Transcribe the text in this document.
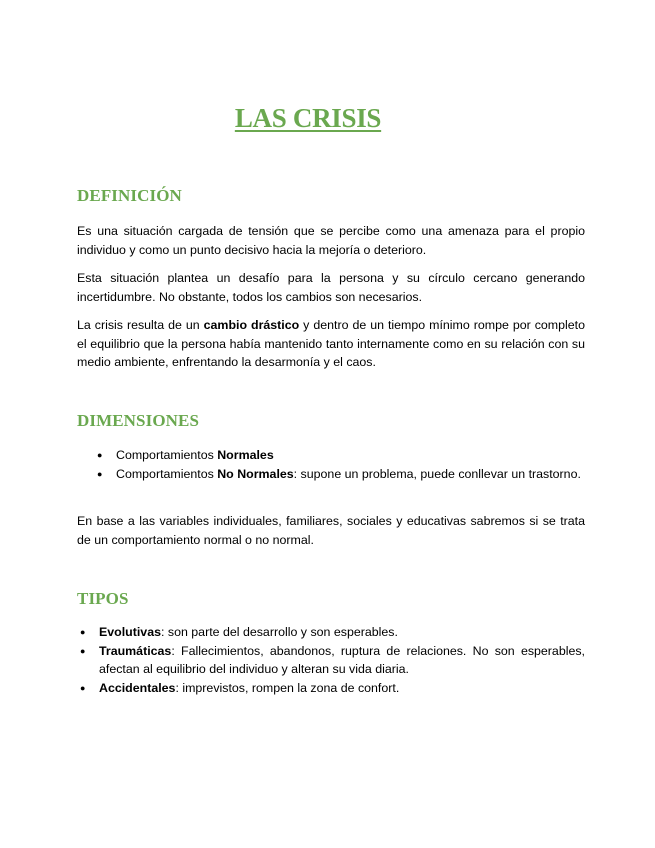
LAS CRISIS
DEFINICIÓN

Es una situación cargada de tensión que se percibe como una amenaza para el propio individuo y como un punto decisivo hacia la mejoría o deterioro.

Esta situación plantea un desafío para la persona y su círculo cercano generando incertidumbre. No obstante, todos los cambios son necesarios.

La crisis resulta de un cambio drástico y dentro de un tiempo mínimo rompe por completo el equilibrio que la persona había mantenido tanto internamente como en su relación con su medio ambiente, enfrentando la desarmonía y el caos.

DIMENSIONES
● Comportamientos Normales
● Comportamientos No Normales: supone un problema, puede conllevar un trastorno.

En base a las variables individuales, familiares, sociales y educativas sabremos si se trata de un comportamiento normal o no normal.

TIPOS
● Evolutivas: son parte del desarrollo y son esperables.
● Traumáticas: Fallecimientos, abandonos, ruptura de relaciones. No son esperables, afectan al equilibrio del individuo y alteran su vida diaria.
● Accidentales: imprevistos, rompen la zona de confort.
